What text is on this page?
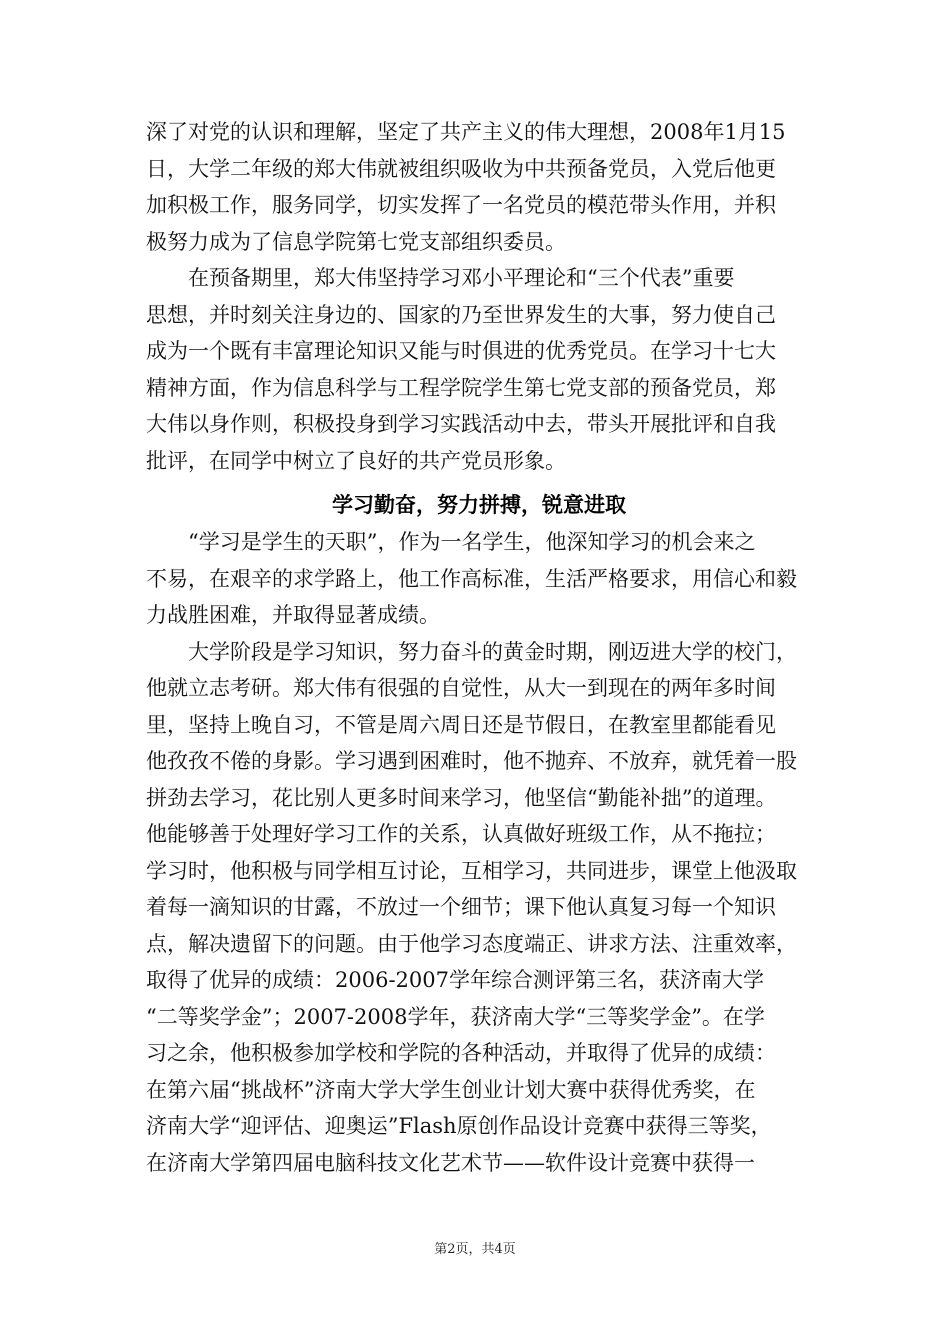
深了对党的认识和理解，坚定了共产主义的伟大理想，2008年1月15
日，大学二年级的郑大伟就被组织吸收为中共预备党员，入党后他更
加积极工作，服务同学，切实发挥了一名党员的模范带头作用，并积
极努力成为了信息学院第七党支部组织委员。
在预备期里，郑大伟坚持学习邓小平理论和“三个代表”重要
思想，并时刻关注身边的、国家的乃至世界发生的大事，努力使自己
成为一个既有丰富理论知识又能与时俱进的优秀党员。在学习十七大
精神方面，作为信息科学与工程学院学生第七党支部的预备党员，郑
大伟以身作则，积极投身到学习实践活动中去，带头开展批评和自我
批评，在同学中树立了良好的共产党员形象。
学习勤奋，努力拼搏，锐意进取
“学习是学生的天职”，作为一名学生，他深知学习的机会来之
不易，在艰辛的求学路上，他工作高标准，生活严格要求，用信心和毅
力战胜困难，并取得显著成绩。
大学阶段是学习知识，努力奋斗的黄金时期，刚迈进大学的校门，
他就立志考研。郑大伟有很强的自觉性，从大一到现在的两年多时间
里，坚持上晚自习，不管是周六周日还是节假日，在教室里都能看见
他孜孜不倦的身影。学习遇到困难时，他不抛弃、不放弃，就凭着一股
拼劲去学习，花比别人更多时间来学习，他坚信“勤能补拙”的道理。
他能够善于处理好学习工作的关系，认真做好班级工作，从不拖拉；
学习时，他积极与同学相互讨论，互相学习，共同进步，课堂上他汲取
着每一滴知识的甘露，不放过一个细节；课下他认真复习每一个知识
点，解决遗留下的问题。由于他学习态度端正、讲求方法、注重效率，
取得了优异的成绩：2006-2007学年综合测评第三名，获济南大学
“二等奖学金”；2007-2008学年，获济南大学“三等奖学金”。在学
习之余，他积极参加学校和学院的各种活动，并取得了优异的成绩：
在第六届“挑战杯”济南大学大学生创业计划大赛中获得优秀奖，在
济南大学“迎评估、迎奥运”Flash原创作品设计竞赛中获得三等奖，
在济南大学第四届电脑科技文化艺术节——软件设计竞赛中获得一
第2页，共4页
